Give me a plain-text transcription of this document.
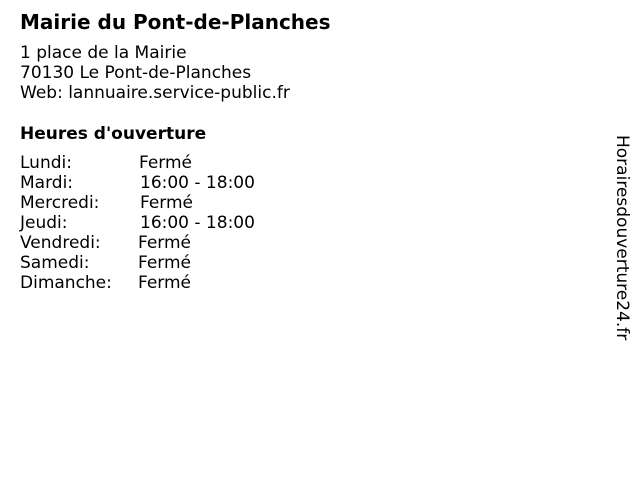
Mairie du Pont-de-Planches
1 place de la Mairie
70130 Le Pont-de-Planches
Web: lannuaire.service-public.fr
Heures d'ouverture
Lundi:	Fermé
Mardi:	16:00 - 18:00
Mercredi: Fermé
Jeudi:	16:00 - 18:00
Vendredi: Fermé
Samedi:	Fermé
Dimanche: Fermé	Horairesdouverture24.fr
